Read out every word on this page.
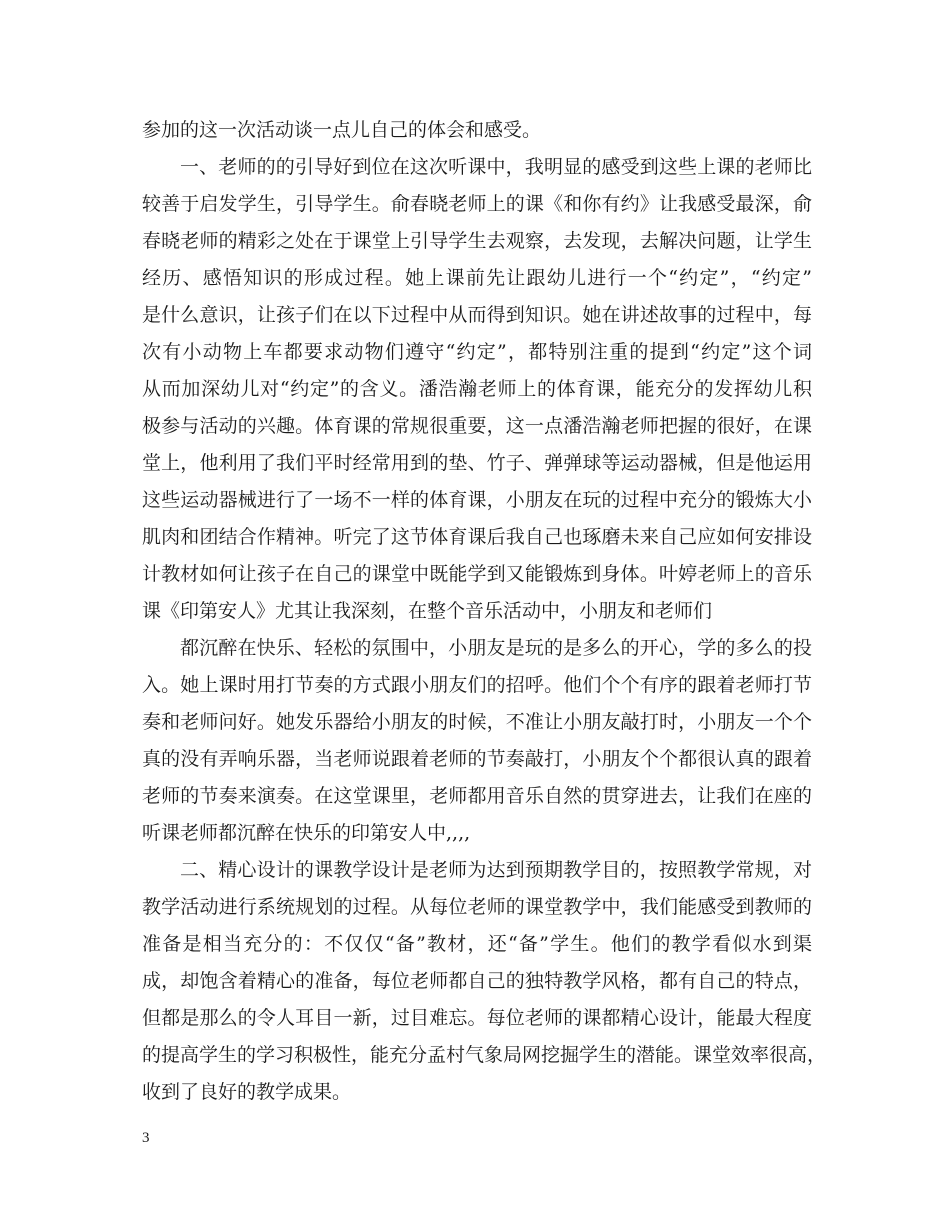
参加的这一次活动谈一点儿自己的体会和感受。
一、老师的的引导好到位在这次听课中，我明显的感受到这些上课的老师比
较善于启发学生，引导学生。俞春晓老师上的课《和你有约》让我感受最深，俞
春晓老师的精彩之处在于课堂上引导学生去观察，去发现，去解决问题，让学生
经历、感悟知识的形成过程。她上课前先让跟幼儿进行一个“约定”，“约定”
是什么意识，让孩子们在以下过程中从而得到知识。她在讲述故事的过程中，每
次有小动物上车都要求动物们遵守“约定”，都特别注重的提到“约定”这个词
从而加深幼儿对“约定”的含义。潘浩瀚老师上的体育课，能充分的发挥幼儿积
极参与活动的兴趣。体育课的常规很重要，这一点潘浩瀚老师把握的很好，在课
堂上，他利用了我们平时经常用到的垫、竹子、弹弹球等运动器械，但是他运用
这些运动器械进行了一场不一样的体育课，小朋友在玩的过程中充分的锻炼大小
肌肉和团结合作精神。听完了这节体育课后我自己也琢磨未来自己应如何安排设
计教材如何让孩子在自己的课堂中既能学到又能锻炼到身体。叶婷老师上的音乐
课《印第安人》尤其让我深刻，在整个音乐活动中，小朋友和老师们
都沉醉在快乐、轻松的氛围中，小朋友是玩的是多么的开心，学的多么的投
入。她上课时用打节奏的方式跟小朋友们的招呼。他们个个有序的跟着老师打节
奏和老师问好。她发乐器给小朋友的时候，不准让小朋友敲打时，小朋友一个个
真的没有弄响乐器，当老师说跟着老师的节奏敲打，小朋友个个都很认真的跟着
老师的节奏来演奏。在这堂课里，老师都用音乐自然的贯穿进去，让我们在座的
听课老师都沉醉在快乐的印第安人中,,,,
二、精心设计的课教学设计是老师为达到预期教学目的，按照教学常规，对
教学活动进行系统规划的过程。从每位老师的课堂教学中，我们能感受到教师的
准备是相当充分的：不仅仅“备”教材，还“备”学生。他们的教学看似水到渠
成，却饱含着精心的准备，每位老师都自己的独特教学风格，都有自己的特点，
但都是那么的令人耳目一新，过目难忘。每位老师的课都精心设计，能最大程度
的提高学生的学习积极性，能充分孟村气象局网挖掘学生的潜能。课堂效率很高，
收到了良好的教学成果。
3
